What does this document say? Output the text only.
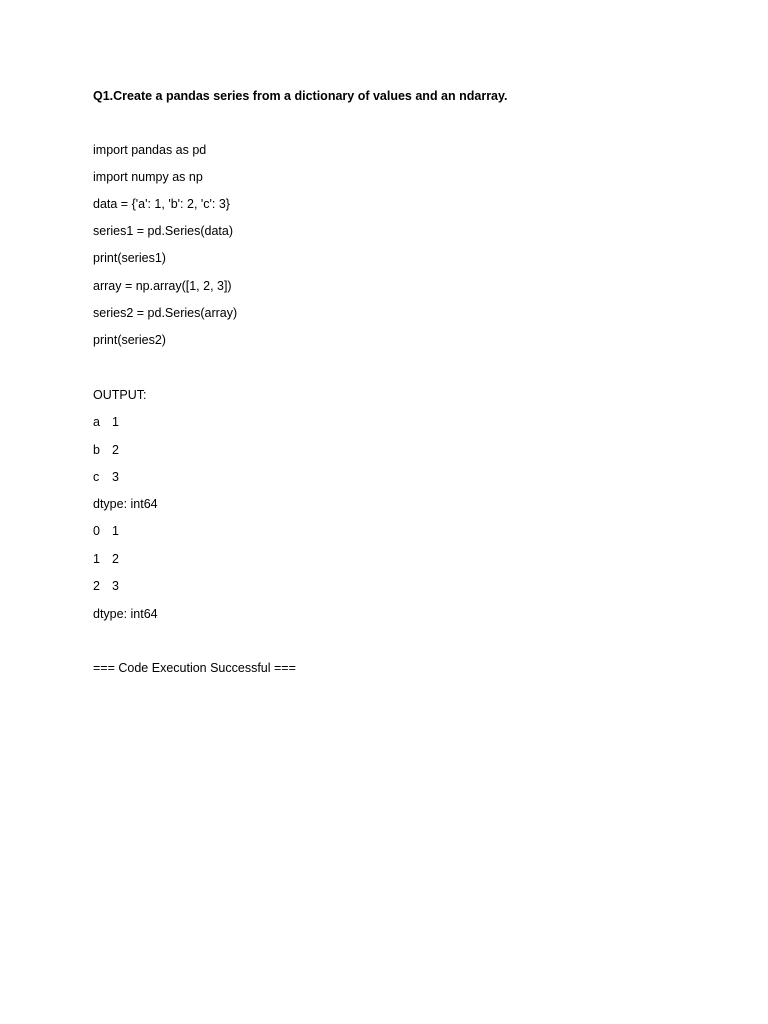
Q1.Create a pandas series from a dictionary of values and an ndarray.
import pandas as pd
import numpy as np
data = {'a': 1, 'b': 2, 'c': 3}
series1 = pd.Series(data)
print(series1)
array = np.array([1, 2, 3])
series2 = pd.Series(array)
print(series2)
OUTPUT:
a 1
b 2
c 3
dtype: int64
0 1
1 2
2 3
dtype: int64
=== Code Execution Successful ===
